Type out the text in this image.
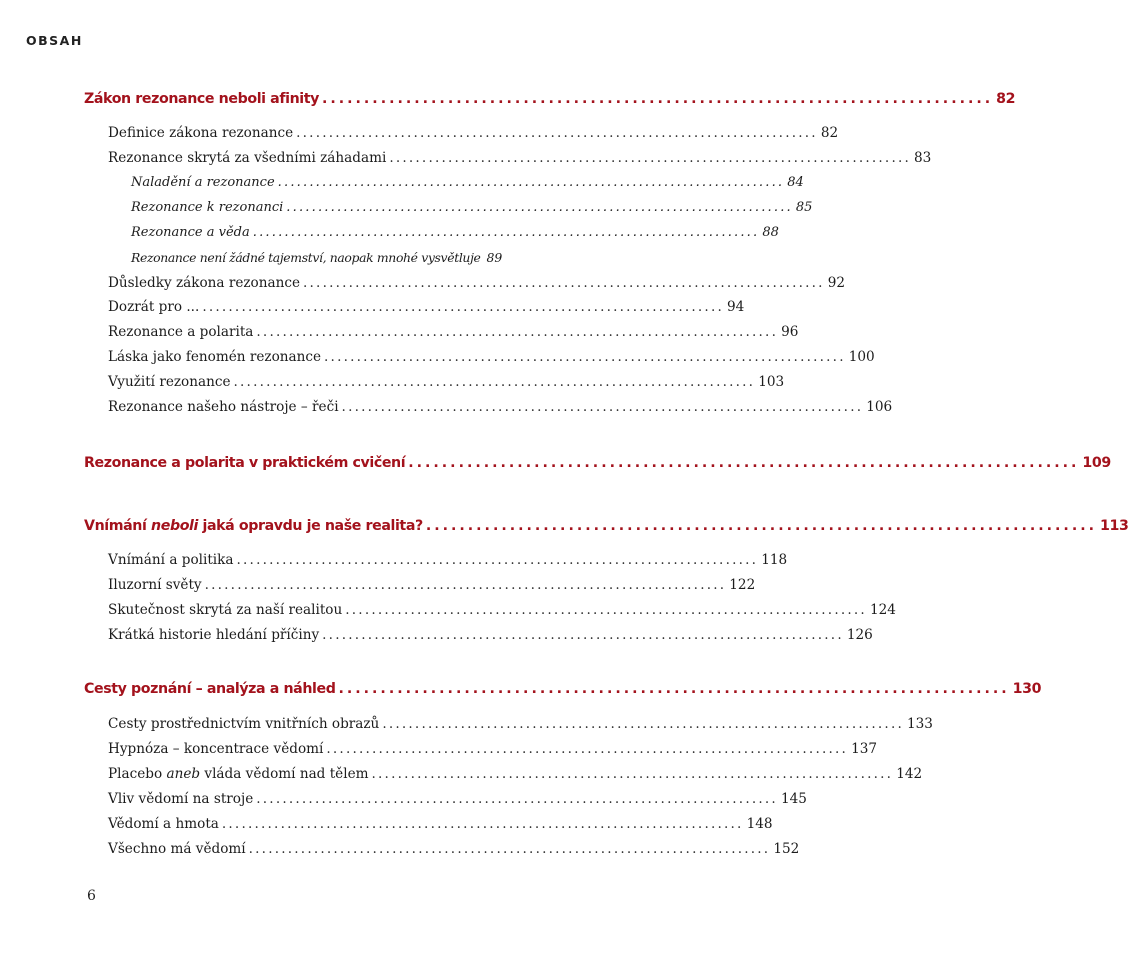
OBSAH
Zákon rezonance neboli afinity ................................................................................ 82
Definice zákona rezonance ................................................................................ 82
Rezonance skrytá za všedními záhadami ................................................................................ 83
Naladění a rezonance ................................................................................ 84
Rezonance k rezonanci ................................................................................ 85
Rezonance a věda ................................................................................ 88
Rezonance není žádné tajemství, naopak mnohé vysvětluje 89
Důsledky zákona rezonance ................................................................................ 92
Dozrát pro ... ................................................................................ 94
Rezonance a polarita ................................................................................ 96
Láska jako fenomén rezonance ................................................................................ 100
Využití rezonance ................................................................................ 103
Rezonance našeho nástroje – řeči ................................................................................ 106
Rezonance a polarita v praktickém cvičení ................................................................................ 109
Vnímání neboli jaká opravdu je naše realita? ................................................................................ 113
Vnímání a politika ................................................................................ 118
Iluzorní světy ................................................................................ 122
Skutečnost skrytá za naší realitou ................................................................................ 124
Krátká historie hledání příčiny ................................................................................ 126
Cesty poznání – analýza a náhled ................................................................................ 130
Cesty prostřednictvím vnitřních obrazů ................................................................................ 133
Hypnóza – koncentrace vědomí ................................................................................ 137
Placebo aneb vláda vědomí nad tělem ................................................................................ 142
Vliv vědomí na stroje ................................................................................ 145
Vědomí a hmota ................................................................................ 148
Všechno má vědomí ................................................................................ 152
6
